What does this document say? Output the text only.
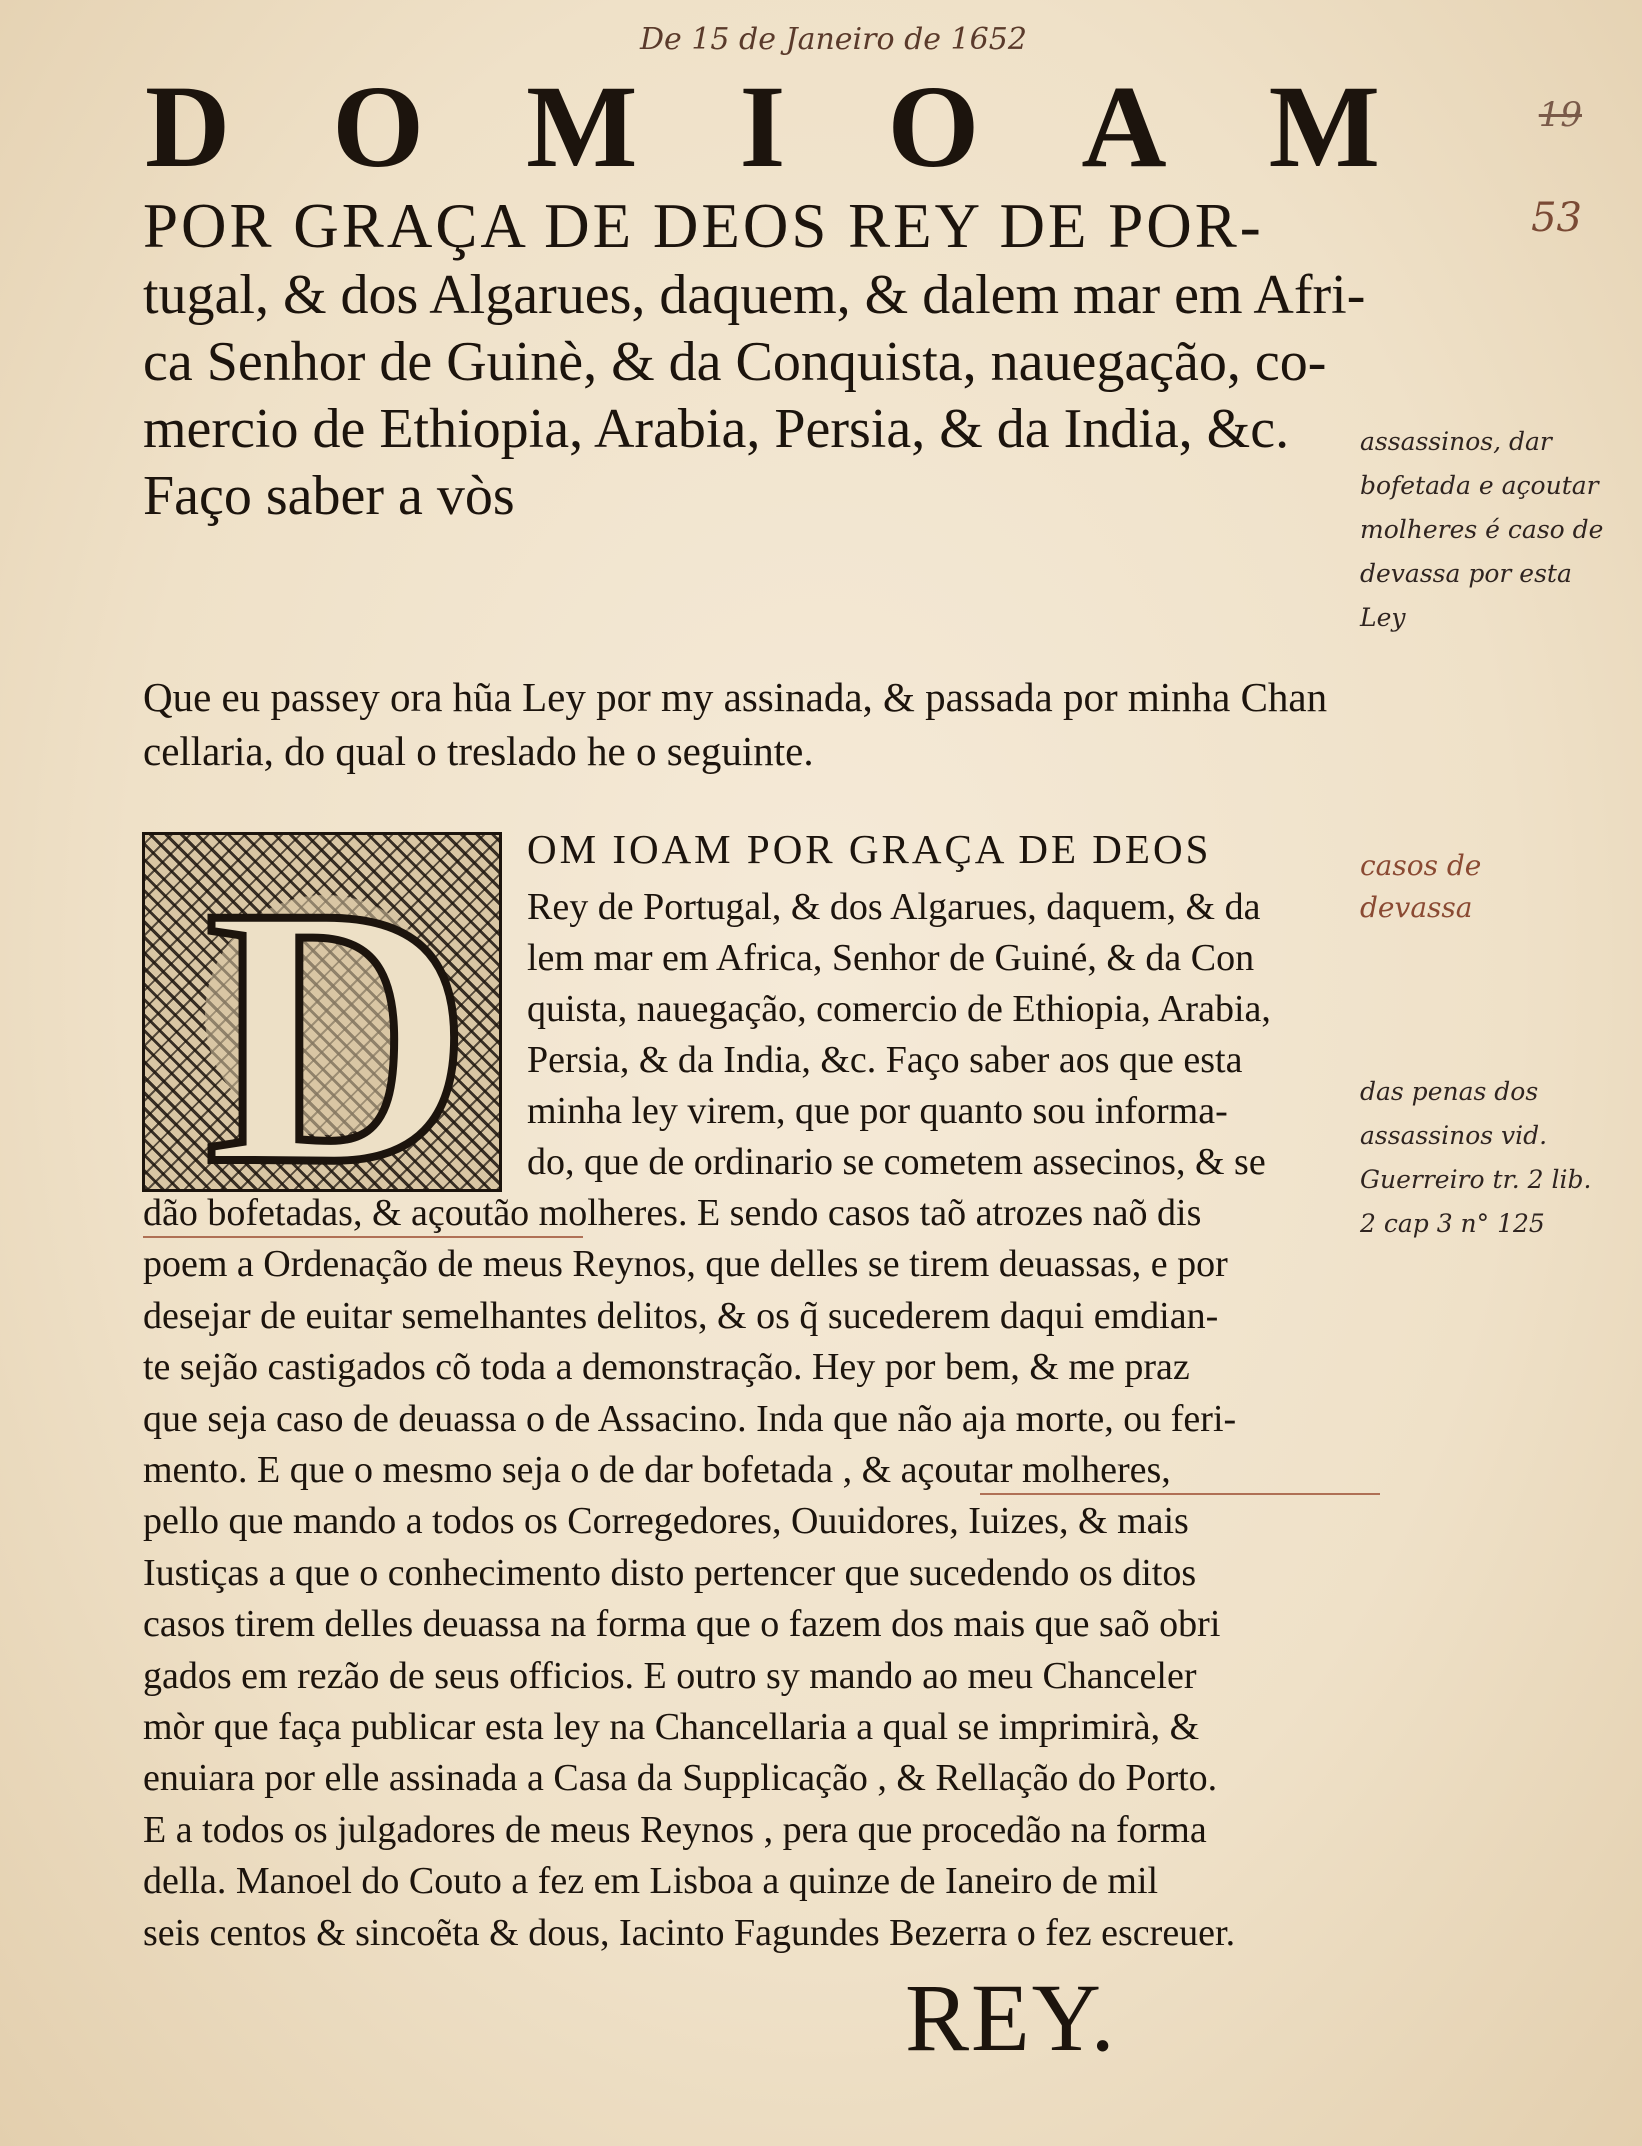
De 15 de Janeiro de 1652
19
53
assassinos, dar
bofetada e açoutar
molheres é caso de
devassa por esta
Ley
casos de
devassa
das penas dos
assassinos vid.
Guerreiro tr. 2 lib.
2 cap 3 n° 125
D O M I O A M
POR GRAÇA DE DEOS REY DE POR-
tugal, & dos Algarues, daquem, & dalem mar em Afri-
ca Senhor de Guinè, & da Conquista, nauegação, co-
mercio de Ethiopia, Arabia, Persia, & da India, &c.
Faço saber a vòs
Que eu passey ora hũa Ley por my assinada, & passada por minha Chan
cellaria, do qual o treslado he o seguinte.
D OM IOAM POR GRAÇA DE DEOS
Rey de Portugal, & dos Algarues, daquem, & da
lem mar em Africa, Senhor de Guiné, & da Con
quista, nauegação, comercio de Ethiopia, Arabia,
Persia, & da India, &c. Faço saber aos que esta
minha ley virem, que por quanto sou informa-
do, que de ordinario se cometem assecinos, & se
dão bofetadas, & açoutão molheres. E sendo casos taõ atrozes naõ dis
poem a Ordenação de meus Reynos, que delles se tirem deuassas, e por
desejar de euitar semelhantes delitos, & os q̃ sucederem daqui emdian-
te sejão castigados cõ toda a demonstração. Hey por bem, & me praz
que seja caso de deuassa o de Assacino. Inda que não aja morte, ou feri-
mento. E que o mesmo seja o de dar bofetada , & açoutar molheres,
pello que mando a todos os Corregedores, Ouuidores, Iuizes, & mais
Iustiças a que o conhecimento disto pertencer que sucedendo os ditos
casos tirem delles deuassa na forma que o fazem dos mais que saõ obri
gados em rezão de seus officios. E outro sy mando ao meu Chanceler
mòr que faça publicar esta ley na Chancellaria a qual se imprimirà, &
enuiara por elle assinada a Casa da Supplicação , & Rellação do Porto.
E a todos os julgadores de meus Reynos , pera que procedão na forma
della. Manoel do Couto a fez em Lisboa a quinze de Ianeiro de mil
seis centos & sincoẽta & dous, Iacinto Fagundes Bezerra o fez escreuer.
REY.
